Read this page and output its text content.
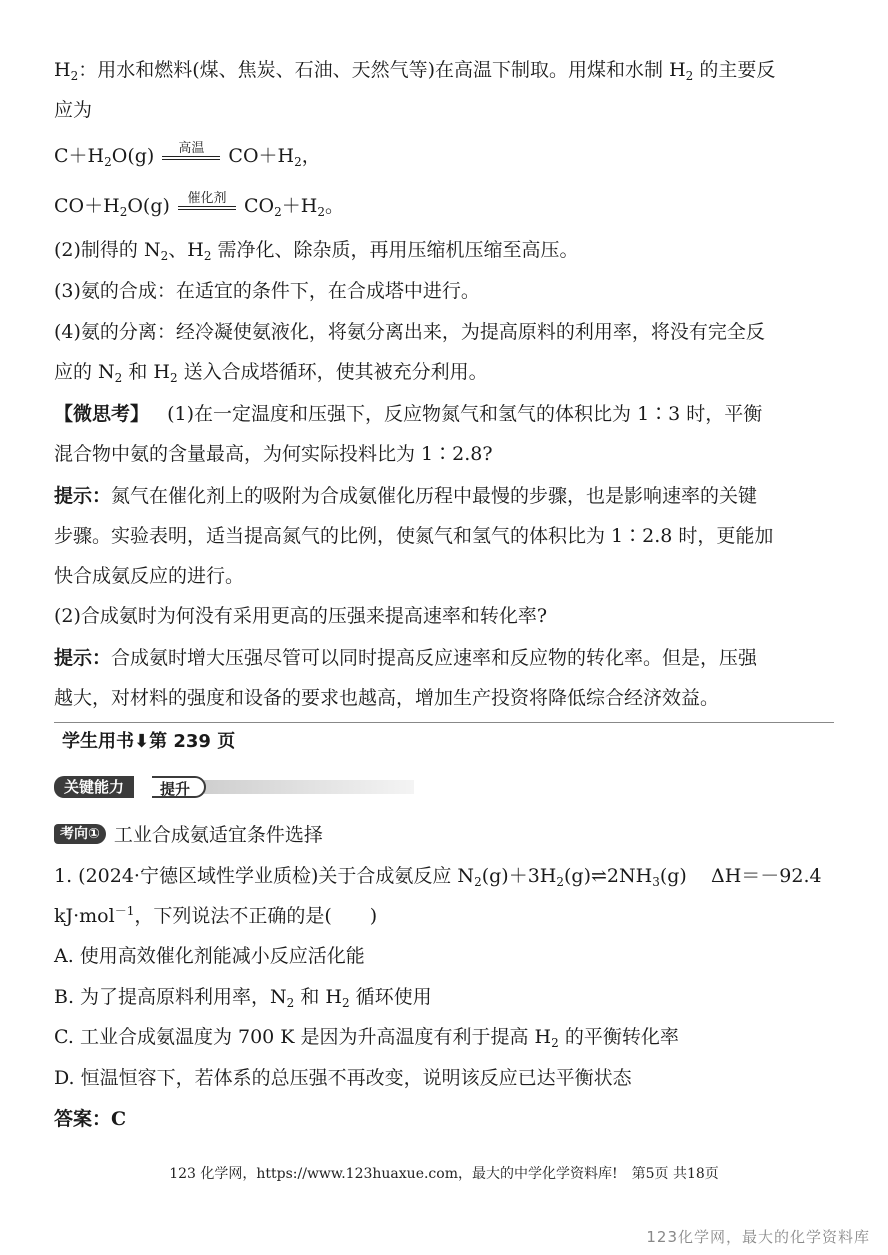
$H_2$：用水和燃料(煤、焦炭、石油、天然气等)在高温下制取。用煤和水制 $H_2$ 的主要反
应为
$C+H_2O(g)$	高温	$CO+H_2$，
$CO+H_2O(g)$	催化剂 $CO_2+H_2$。
(2)制得的 $N_2$、$H_2$ 需净化、除杂质，再用压缩机压缩至高压。
(3)氨的合成：在适宜的条件下，在合成塔中进行。
(4)氨的分离：经冷凝使氨液化，将氨分离出来，为提高原料的利用率，将没有完全反
应的 $N_2$ 和 $H_2$ 送入合成塔循环，使其被充分利用。
【微思考】 (1)在一定温度和压强下，反应物氮气和氢气的体积比为 1∶3 时，平衡
混合物中氨的含量最高，为何实际投料比为 1∶2.8?
提示：氮气在催化剂上的吸附为合成氨催化历程中最慢的步骤，也是影响速率的关键
步骤。实验表明，适当提高氮气的比例，使氮气和氢气的体积比为 1∶2.8 时，更能加
快合成氨反应的进行。
(2)合成氨时为何没有采用更高的压强来提高速率和转化率?
提示：合成氨时增大压强尽管可以同时提高反应速率和反应物的转化率。但是，压强
越大，对材料的强度和设备的要求也越高，增加生产投资将降低综合经济效益。
学生用书⬇第 239 页
关键能力	提升
考向① 工业合成氨适宜条件选择
1. (2024·宁德区域性学业质检)关于合成氨反应 $N_2(g)+3H_2(g)\rightleftharpoons 2NH_3(g)$ ΔH＝－92.4
kJ·mol$^{-1}$，下列说法不正确的是(　　)
A. 使用高效催化剂能减小反应活化能
B. 为了提高原料利用率，$N_2$ 和 $H_2$ 循环使用
C. 工业合成氨温度为 700 K 是因为升高温度有利于提高 $H_2$ 的平衡转化率
D. 恒温恒容下，若体系的总压强不再改变，说明该反应已达平衡状态
答案：C
123 化学网，https://www.123huaxue.com，最大的中学化学资料库!　第5页 共18页
123化学网，最大的化学资料库
